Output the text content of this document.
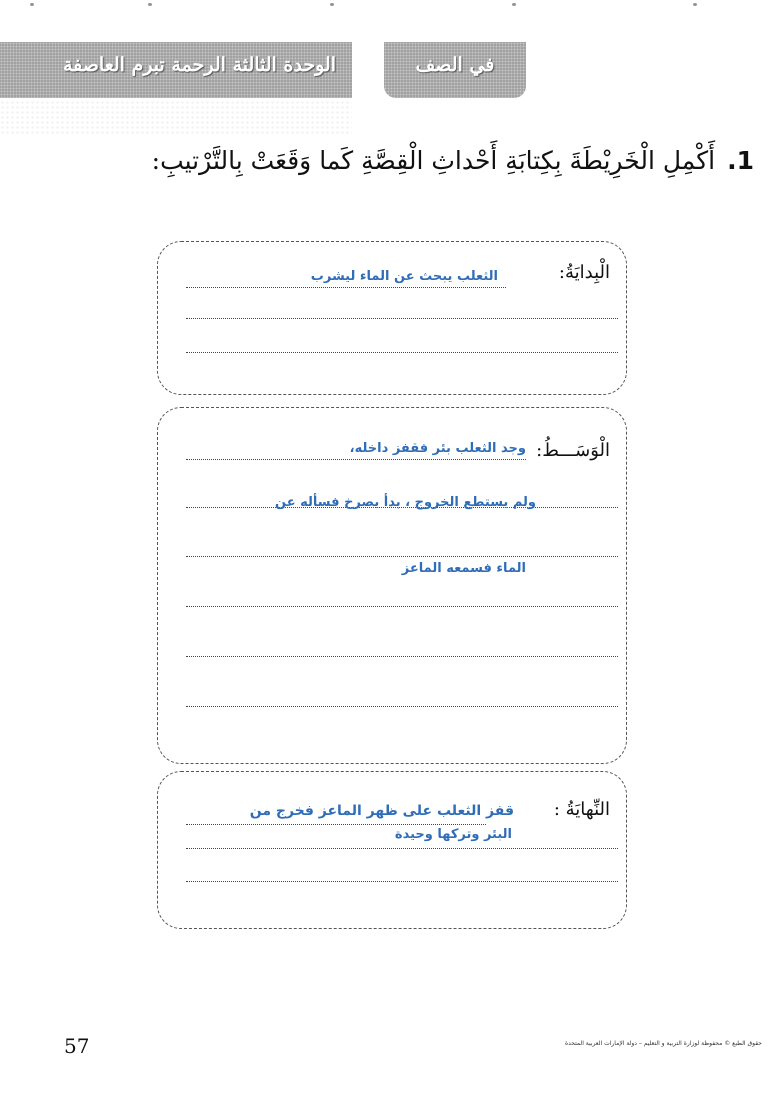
الوحدة الثالثة الرحمة تبرم العاصفة	في الصف
1.أَكْمِلِ الْخَرِيْطَةَ بِكِتابَةِ أَحْداثِ الْقِصَّةِ كَما وَقَعَتْ بِالتَّرْتيبِ:
الْبِدايَةُ:
الثعلب يبحث عن الماء ليشرب
الْوَسَـــطُ:
وجد الثعلب بئر فقفز داخله،
ولم يستطع الخروج ، بدأ يصرخ فسأله عن
الماء فسمعه الماعز
النِّهايَةُ :
قفز الثعلب على ظهر الماعز فخرج من
البئر وتركها وحيدة
57	حقوق الطبع © محفوظة لوزارة التربية و التعليم – دولة الإمارات العربية المتحدة
